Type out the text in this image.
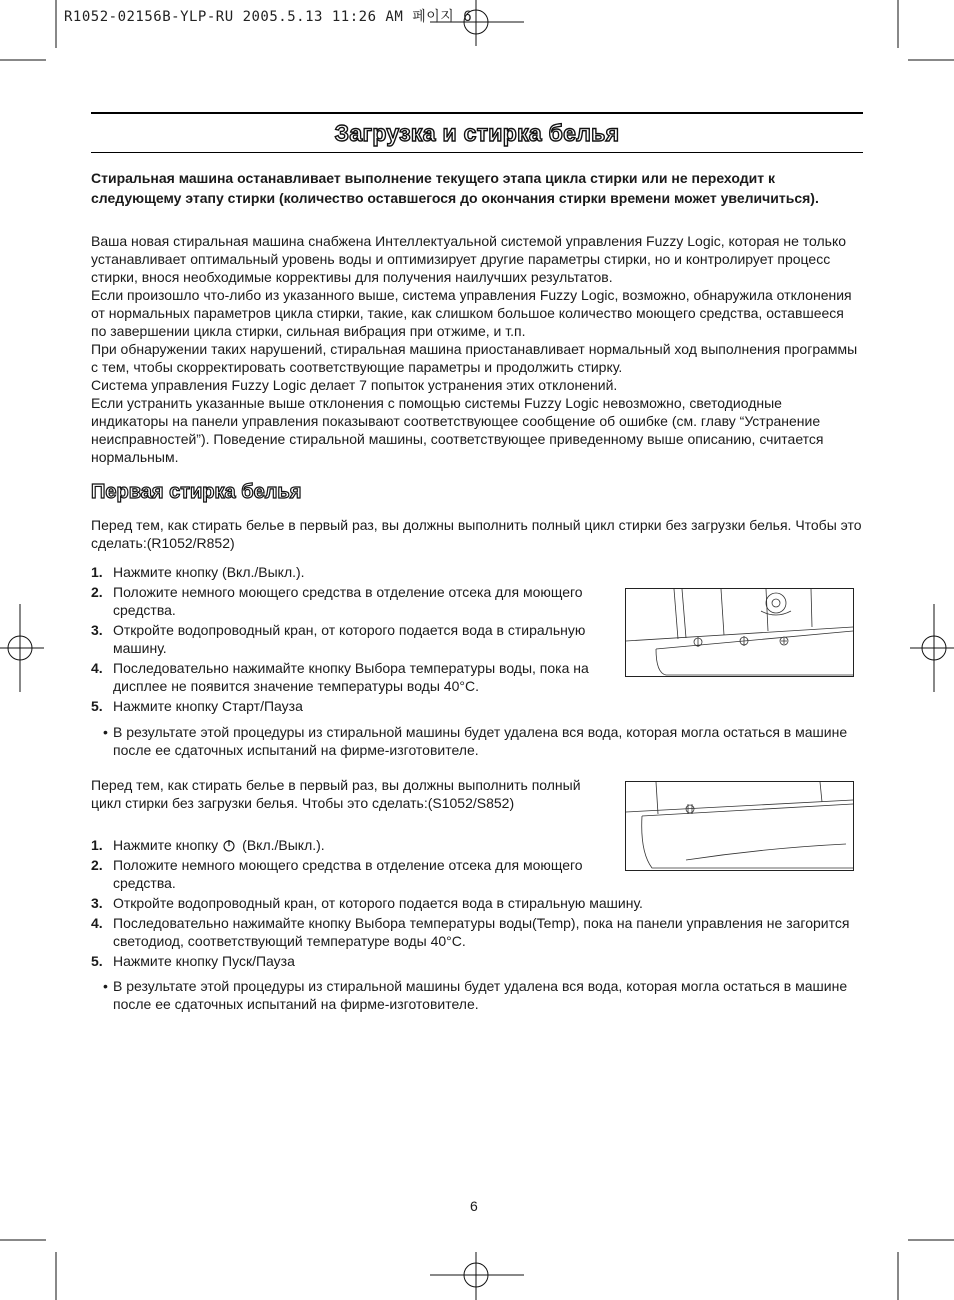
R1052-02156B-YLP-RU 2005.5.13 11:26 AM 페이지 6
Загрузка и стирка белья
Стиральная машина останавливает выполнение текущего этапа цикла стирки или не переходит к следующему этапу стирки (количество оставшегося до окончания стирки времени может увеличиться).

Ваша новая стиральная машина снабжена Интеллектуальной системой управления Fuzzy Logic, которая не только устанавливает оптимальный уровень воды и оптимизирует другие параметры стирки, но и контролирует процесс стирки, внося необходимые коррективы для получения наилучших результатов.

Если произошло что-либо из указанного выше, система управления Fuzzy Logic, возможно, обнаружила отклонения от нормальных параметров цикла стирки, такие, как слишком большое количество моющего средства, оставшееся по завершении цикла стирки, сильная вибрация при отжиме, и т.п.

При обнаружении таких нарушений, стиральная машина приостанавливает нормальный ход выполнения программы с тем, чтобы скорректировать соответствующие параметры и продолжить стирку.

Система управления Fuzzy Logic делает 7 попыток устранения этих отклонений.

Если устранить указанные выше отклонения с помощью системы Fuzzy Logic невозможно, светодиодные индикаторы на панели управления показывают соответствующее сообщение об ошибке (см. главу “Устранение неисправностей”). Поведение стиральной машины, соответствующее приведенному выше описанию, считается нормальным.

Первая стирка белья
Перед тем, как стирать белье в первый раз, вы должны выполнить полный цикл стирки без загрузки белья. Чтобы это сделать:(R1052/R852)
1. Нажмите кнопку (Вкл./Выкл.).
2. Положите немного моющего средства в отделение отсека для моющего средства.
3. Откройте водопроводный кран, от которого подается вода в стиральную машину.
4. Последовательно нажимайте кнопку Выбора температуры воды, пока на дисплее не появится значение температуры воды 40°C.
5. Нажмите кнопку Старт/Пауза
• В результате этой процедуры из стиральной машины будет удалена вся вода, которая могла остаться в машине после ее сдаточных испытаний на фирме-изготовителе.
Перед тем, как стирать белье в первый раз, вы должны выполнить полный цикл стирки без загрузки белья. Чтобы это сделать:(S1052/S852)
1. Нажмите кнопку (Вкл./Выкл.).
2. Положите немного моющего средства в отделение отсека для моющего средства.
3. Откройте водопроводный кран, от которого подается вода в стиральную машину.
4. Последовательно нажимайте кнопку Выбора температуры воды(Temp), пока на панели управления не загорится светодиод, соответствующий температуре воды 40°C.
5. Нажмите кнопку Пуск/Пауза
• В результате этой процедуры из стиральной машины будет удалена вся вода, которая могла остаться в машине после ее сдаточных испытаний на фирме-изготовителе.
6
